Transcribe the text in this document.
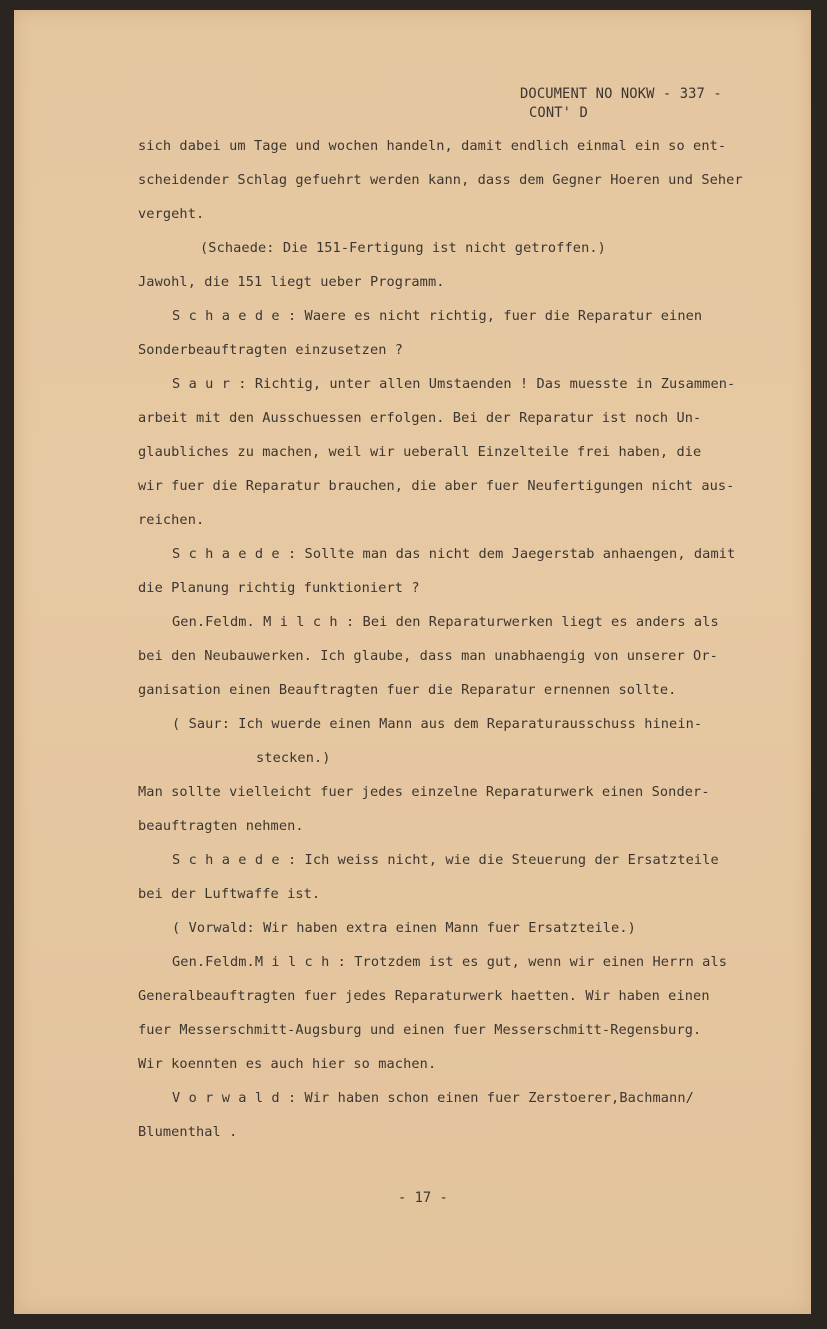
DOCUMENT NO NOKW - 337 -
CONT' D
sich dabei um Tage und wochen handeln, damit endlich einmal ein so ent-
scheidender Schlag gefuehrt werden kann, dass dem Gegner Hoeren und Seher
vergeht.
(Schaede: Die 151-Fertigung ist nicht getroffen.)
Jawohl, die 151 liegt ueber Programm.
S c h a e d e : Waere es nicht richtig, fuer die Reparatur einen
Sonderbeauftragten einzusetzen ?
S a u r : Richtig, unter allen Umstaenden ! Das muesste in Zusammen-
arbeit mit den Ausschuessen erfolgen. Bei der Reparatur ist noch Un-
glaubliches zu machen, weil wir ueberall Einzelteile frei haben, die
wir fuer die Reparatur brauchen, die aber fuer Neufertigungen nicht aus-
reichen.
S c h a e d e : Sollte man das nicht dem Jaegerstab anhaengen, damit
die Planung richtig funktioniert ?
Gen.Feldm. M i l c h : Bei den Reparaturwerken liegt es anders als
bei den Neubauwerken. Ich glaube, dass man unabhaengig von unserer Or-
ganisation einen Beauftragten fuer die Reparatur ernennen sollte.
( Saur: Ich wuerde einen Mann aus dem Reparaturausschuss hinein-
stecken.)
Man sollte vielleicht fuer jedes einzelne Reparaturwerk einen Sonder-
beauftragten nehmen.
S c h a e d e : Ich weiss nicht, wie die Steuerung der Ersatzteile
bei der Luftwaffe ist.
( Vorwald: Wir haben extra einen Mann fuer Ersatzteile.)
Gen.Feldm.M i l c h : Trotzdem ist es gut, wenn wir einen Herrn als
Generalbeauftragten fuer jedes Reparaturwerk haetten. Wir haben einen
fuer Messerschmitt-Augsburg und einen fuer Messerschmitt-Regensburg.
Wir koennten es auch hier so machen.
V o r w a l d : Wir haben schon einen fuer Zerstoerer,Bachmann/
Blumenthal .
- 17 -
